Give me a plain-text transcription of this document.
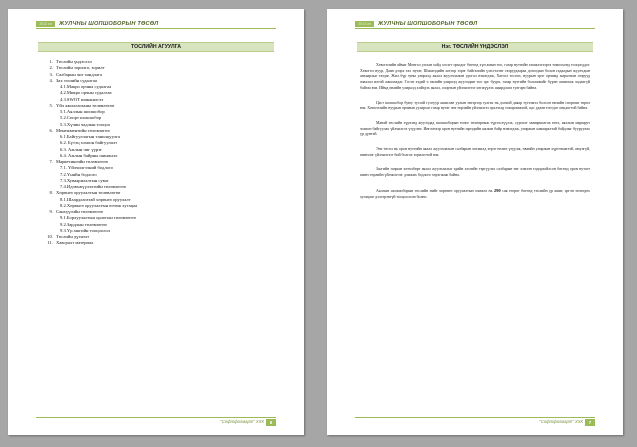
2013 он	ЖУЛЧНЫ ШОПШОБОРЫН ТӨСӨЛ
ТОСЛИЙН АГУУЛГА
1. Төслийн үндэслэл
2. Төслийн зорилго, зорилт
3. Салбарын чиг хандлага
4. Зах зээлийн судалгаа
4.1.Макро орчны судалгаа
4.2.Микро орчны судалгаа
4.3.SWOT шинжилгээ
5. Үйл ажиллагааны төлөвлөгөө
5.1.Аяллын шопшобор
5.2.Спорт шопшобор
5.3.Хүчин чадлын тооцоо
6. Менежментийн төлөвлөгөө
6.1.Байгууллагын танилцуулга
6.2. Бүтэц зохион байгуулалт
6.3. Ажлын чиг үүрэг
6.4. Ажлын байрны шинжлэл
7. Маркетингийн төлөвлөгөө
7.1. Үйлчилгээний бодлого
7.2.Үнийн бодлого
7.3.Хуваарилалтын суваг
7.4.Идэвхжүүлэлтийн төлөвлөгөө
8. Хөрөнгө оруулалтын төлөвлөгөө
8.1.Шаардлагатай хөрөнгө оруулалт
8.2.Хөрөнгө оруулалтын өгөөж хугацаа
9. Санхүүгийн төлөвлөгөө
9.1.Борлуулалтын орлогын төлөвлөгөө
9.2.Зардлын төлөвлөгөө
9.3.Үр ашгийн тооцоолол
10. Төслийн дүгнэлт
11. Хавсралт материал
"Софтфолмарт" ХХК	6
2013 он	ЖУЛЧНЫ ШОПШОБОРЫН ТӨСӨЛ
Нэг. ТӨСЛИЙН ҮНДЭСЛЭЛ

Хөвсгөлийн аймаг Монгол улсын хойд хэсэгт оршдог бөгөөд хүн амын тоо, газар нутгийн хэмжээгээрээ томоохонд тооцогддог. Хөвсгөл нуур, Даян дээрх тал нутаг, Шишгэдийн хотгор зэрэг байгалийн үзэсгэлэнт газруудаараа дотоодын болон гадаадын жуулчдын анхаарлыг татдаг. Жил бүр зуны улиралд аялал жуулчлалын урсгал нэмэгдэж, Хатгал тосгон, нуурын эрэг орчимд амралтын газрууд ачаалал ихтэй ажилладаг. Гэсэн хэдий ч өвлийн улиралд жуулчдын тоо эрс буурч, газар нутгийн боломжийг бүрэн ашиглаж чадахгүй байгаа юм. Иймд өвлийн улиралд хийгдэх аялал, спортын үйлчилгээг хөгжүүлэх шаардлага тулгарч байна.

Цаст шопшобор буюу тусгай гулгуур ашиглан уулын энгэрээр гулгах нь дэлхий даяар түгээмэл болсон өвлийн спортын төрөл юм. Хөвсгөлийн нуурын орчмын уулархаг газар нутаг энэ төрлийн үйлчилгээ эрхлэхэд тохиромжтой, цас удаан тогтдог онцлогтой байна.

Манай төслийн хүрээнд жуулчдад шопшоборын тоног төхөөрөмж түрээслүүлэх, сургалт зааварчилгаа өгөх, аяллын маршрут зохион байгуулах үйлчилгээ үзүүлнэ. Ингэснээр орон нутгийн иргэдийн ажлын байр нэмэгдэж, улирлын хамааралтай байдлыг бууруулах үр дүнтэй.

Энэ төсөл нь орон нутгийн аялал жуулчлалын салбарын хөгжилд эерэг нөлөө үзүүлж, өвлийн улирлын хүртээмжтэй, аюулгүй, шинэлэг үйлчилгээг бий болгох зорилготой юм.

Засгийн газрын хөтөлбөрт аялал жуулчлалыг эдийн засгийн тэргүүлэх салбарын нэг хэмээн тодорхойлсон бөгөөд орон нутагт шинэ төрлийн үйлчилгээг дэмжих бодлого хэрэгжиж байна.

Аяллын шопшоборын төслийн нийт хөрөнгө оруулалтын хэмжээ нь 290 сая төгрөг бөгөөд төслийн үр ашиг, эргэн төлөгдөх хугацааг дэлгэрэнгүй тооцоолсон болно.

"Софтфолмарт" ХХК	7
